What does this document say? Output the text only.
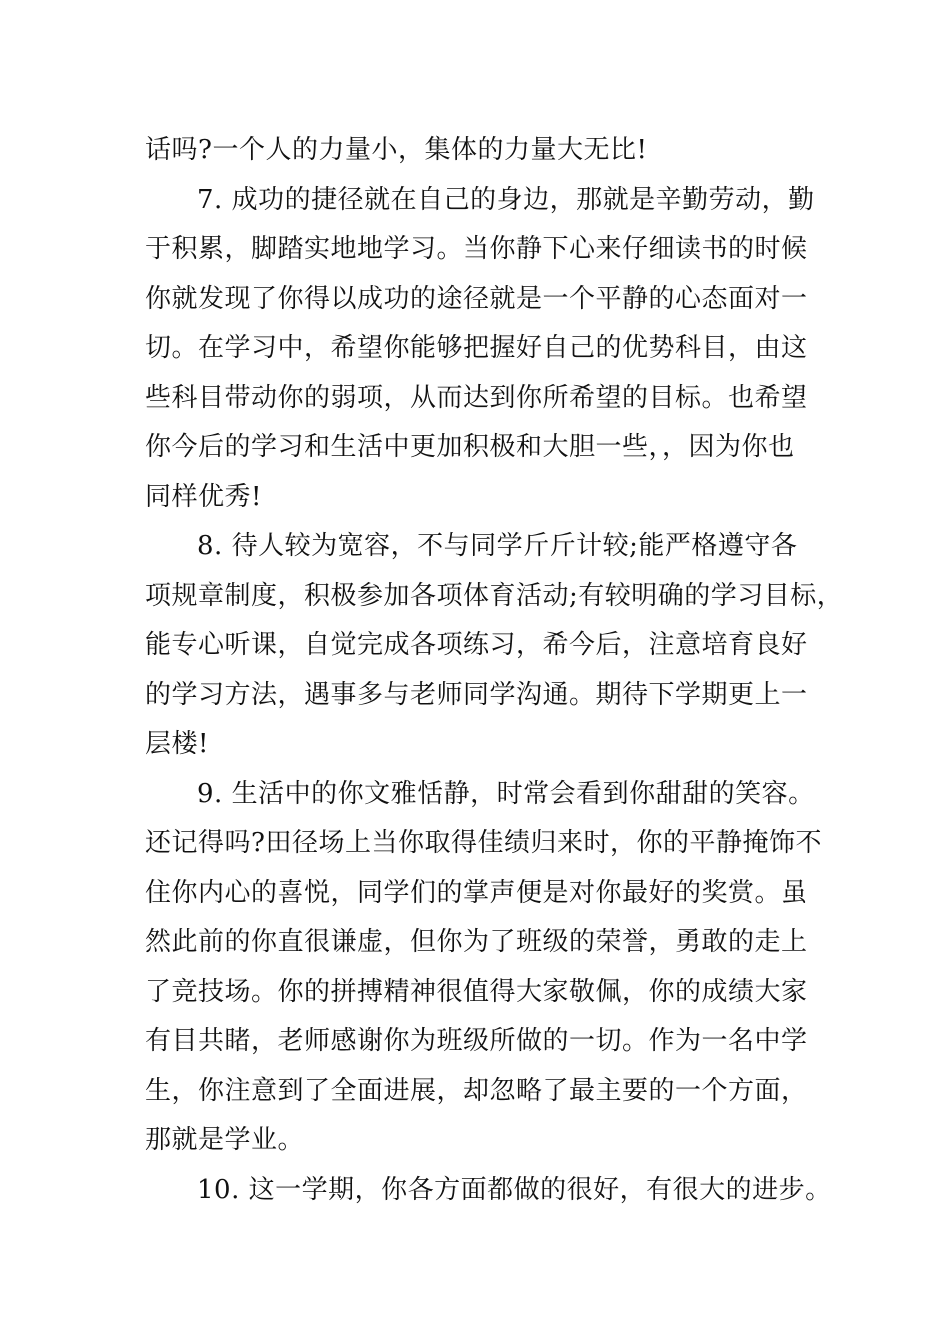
话吗?一个人的力量小，集体的力量大无比!
7. 成功的捷径就在自己的身边，那就是辛勤劳动，勤
于积累，脚踏实地地学习。当你静下心来仔细读书的时候
你就发现了你得以成功的途径就是一个平静的心态面对一
切。在学习中，希望你能够把握好自己的优势科目，由这
些科目带动你的弱项，从而达到你所希望的目标。也希望
你今后的学习和生活中更加积极和大胆一些，，因为你也
同样优秀!
8. 待人较为宽容，不与同学斤斤计较;能严格遵守各
项规章制度，积极参加各项体育活动;有较明确的学习目标，
能专心听课，自觉完成各项练习，希今后，注意培育良好
的学习方法，遇事多与老师同学沟通。期待下学期更上一
层楼!
9. 生活中的你文雅恬静，时常会看到你甜甜的笑容。
还记得吗?田径场上当你取得佳绩归来时，你的平静掩饰不
住你内心的喜悦，同学们的掌声便是对你最好的奖赏。虽
然此前的你直很谦虚，但你为了班级的荣誉，勇敢的走上
了竞技场。你的拼搏精神很值得大家敬佩，你的成绩大家
有目共睹，老师感谢你为班级所做的一切。作为一名中学
生，你注意到了全面进展，却忽略了最主要的一个方面，
那就是学业。
10. 这一学期，你各方面都做的很好，有很大的进步。
